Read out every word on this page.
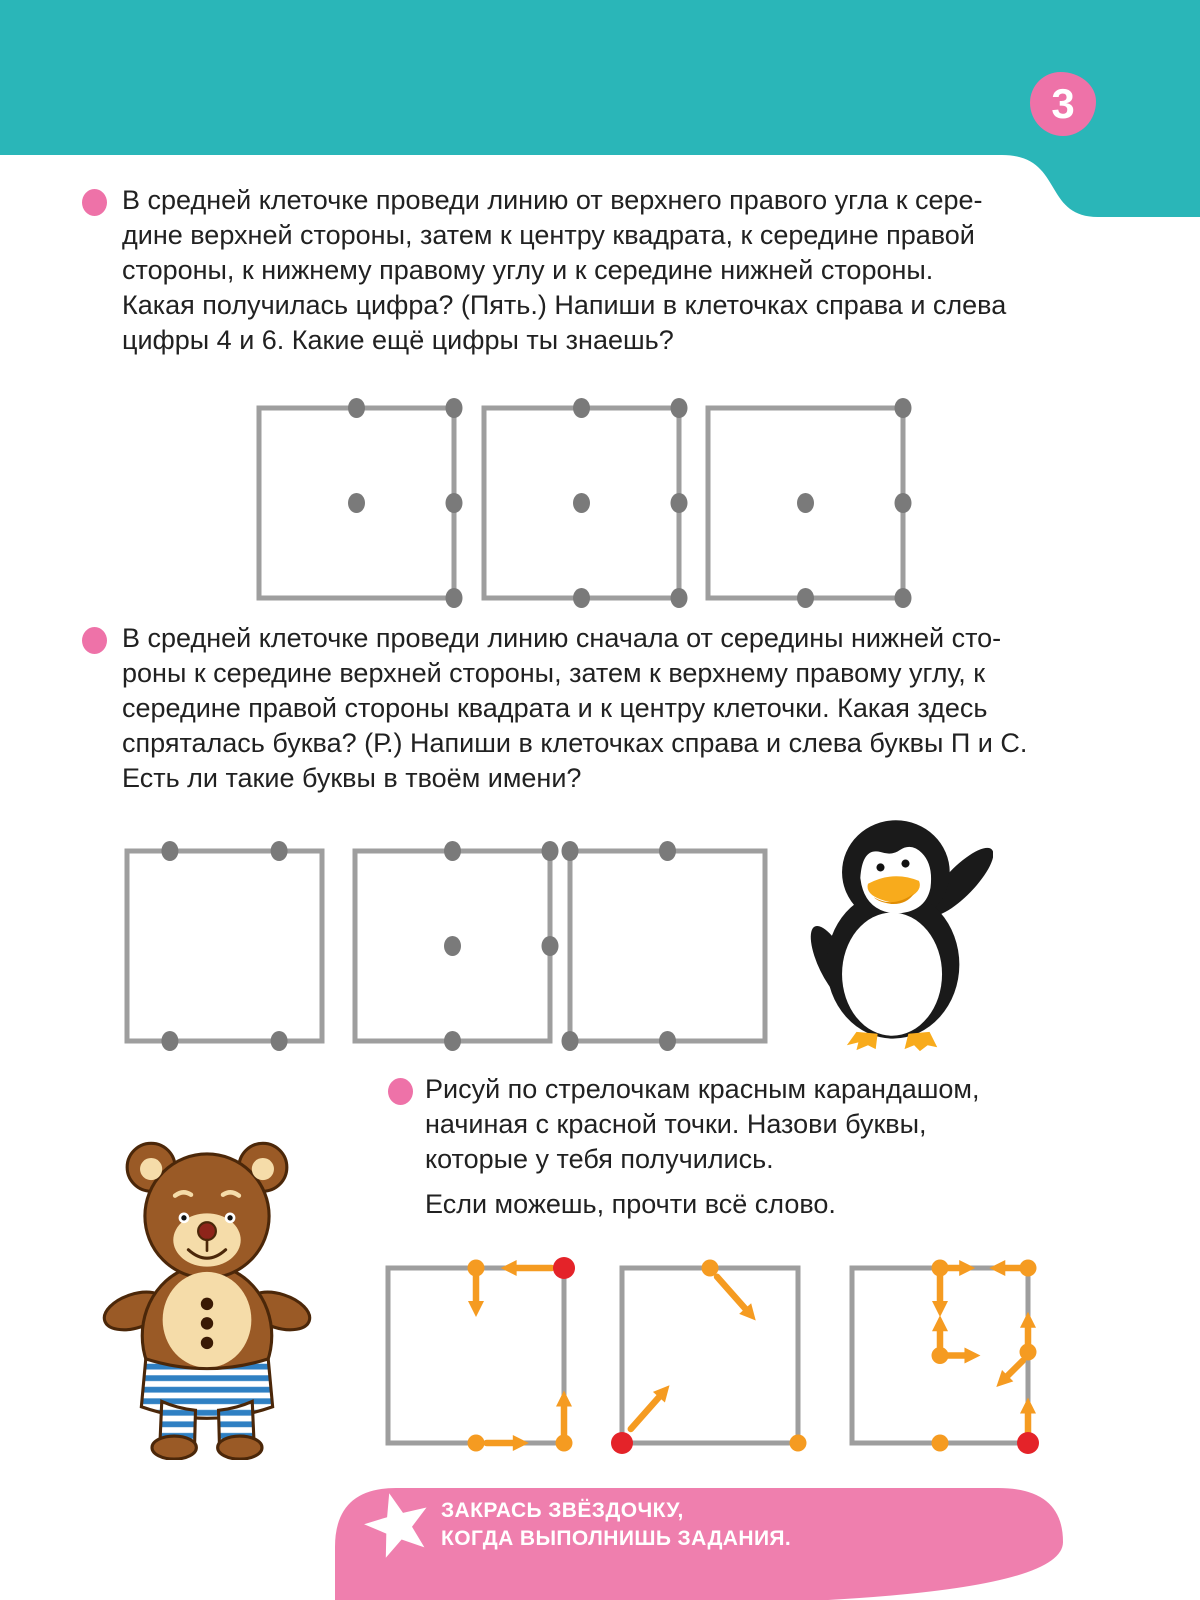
3
В средней клеточке проведи линию от верхнего правого угла к сере-
дине верхней стороны, затем к центру квадрата, к середине правой
стороны, к нижнему правому углу и к середине нижней стороны.
Какая получилась цифра? (Пять.) Напиши в клеточках справа и слева
цифры 4 и 6. Какие ещё цифры ты знаешь?
В средней клеточке проведи линию сначала от середины нижней сто-
роны к середине верхней стороны, затем к верхнему правому углу, к
середине правой стороны квадрата и к центру клеточки. Какая здесь
спряталась буква? (Р.) Напиши в клеточках справа и слева буквы П и С.
Есть ли такие буквы в твоём имени?
Рисуй по стрелочкам красным карандашом,
начиная с красной точки. Назови буквы,
которые у тебя получились.
Если можешь, прочти всё слово.
ЗАКРАСЬ ЗВЁЗДОЧКУ,
КОГДА ВЫПОЛНИШЬ ЗАДАНИЯ.
